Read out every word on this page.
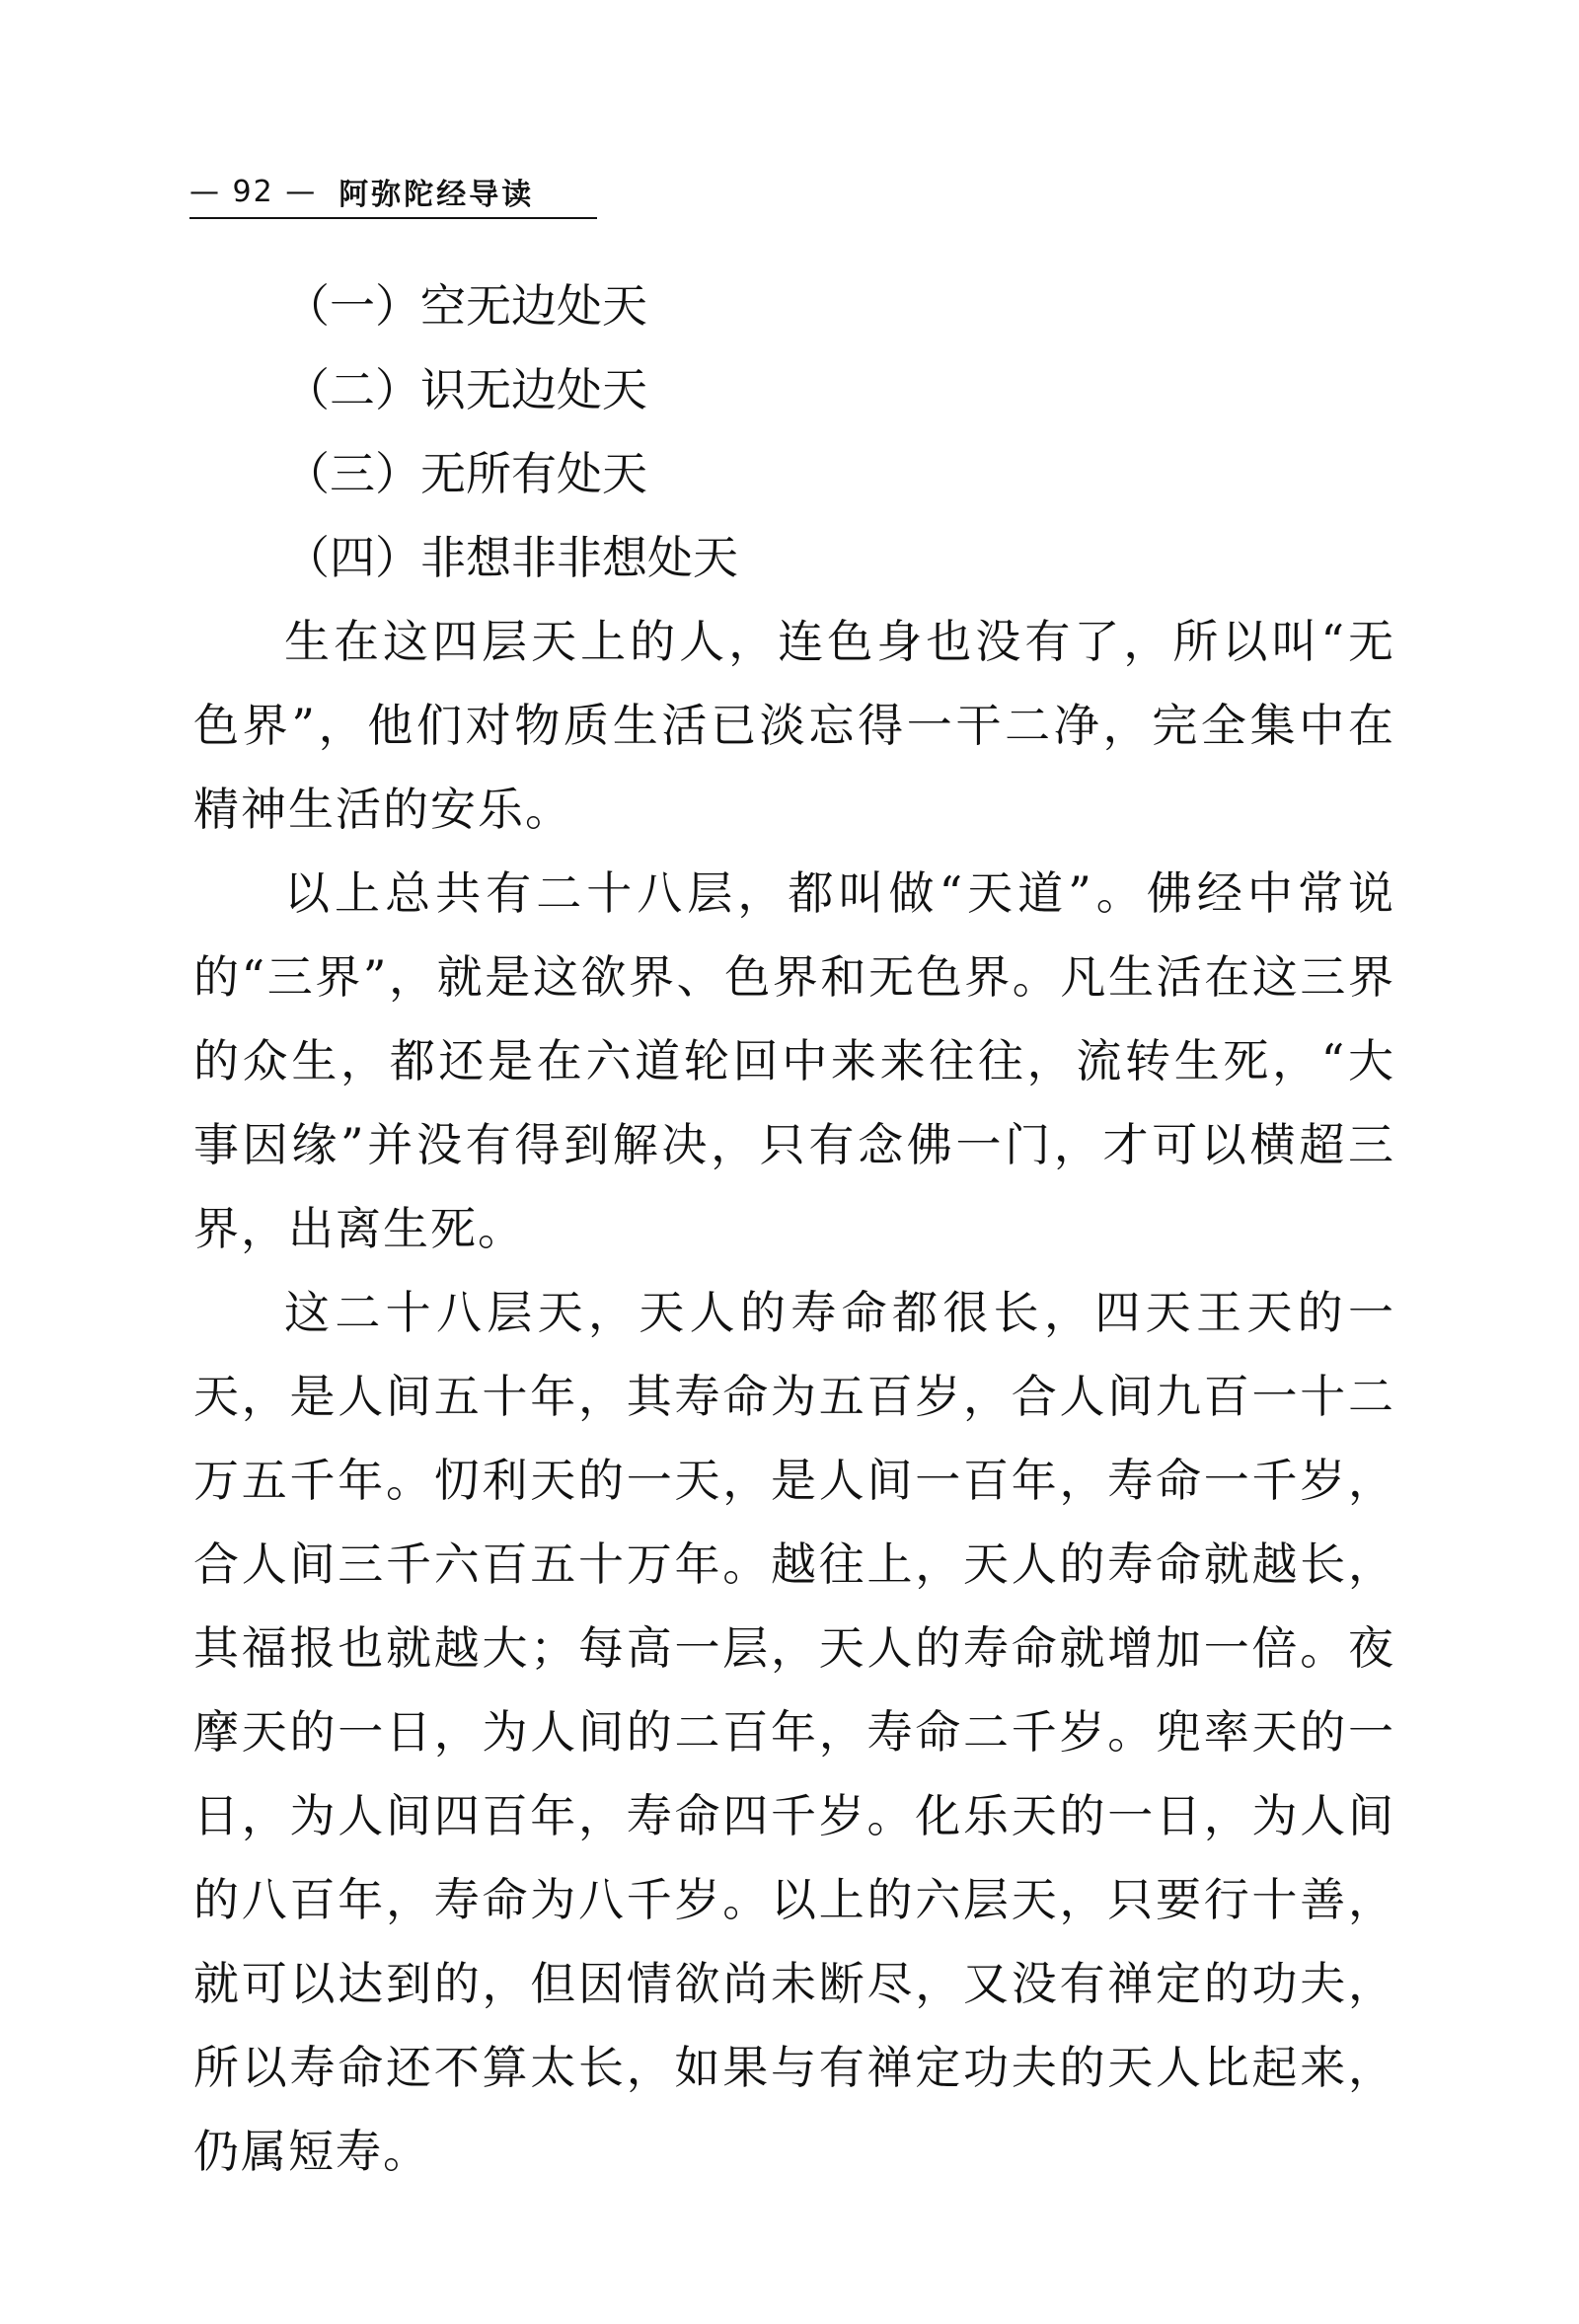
— 92 — 阿弥陀经导读
（一）空无边处天
（二）识无边处天
（三）无所有处天
（四）非想非非想处天

生在这四层天上的人，连色身也没有了，所以叫“无色界”，他们对物质生活已淡忘得一干二净，完全集中在精神生活的安乐。

以上总共有二十八层，都叫做“天道”。佛经中常说的“三界”，就是这欲界、色界和无色界。凡生活在这三界的众生，都还是在六道轮回中来来往往，流转生死，“大事因缘”并没有得到解决，只有念佛一门，才可以横超三界，出离生死。

这二十八层天，天人的寿命都很长，四天王天的一天，是人间五十年，其寿命为五百岁，合人间九百一十二万五千年。忉利天的一天，是人间一百年，寿命一千岁，合人间三千六百五十万年。越往上，天人的寿命就越长，其福报也就越大；每高一层，天人的寿命就增加一倍。夜摩天的一日，为人间的二百年，寿命二千岁。兜率天的一日，为人间四百年，寿命四千岁。化乐天的一日，为人间的八百年，寿命为八千岁。以上的六层天，只要行十善，就可以达到的，但因情欲尚未断尽，又没有禅定的功夫，所以寿命还不算太长，如果与有禅定功夫的天人比起来，仍属短寿。
